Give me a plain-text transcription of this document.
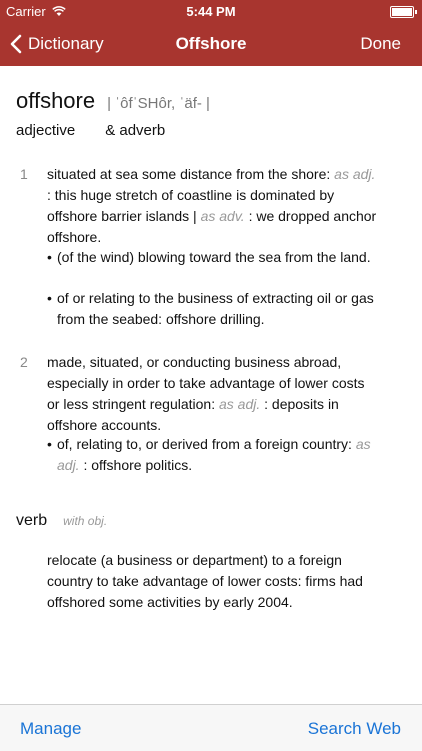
Carrier	5:44 PM
Dictionary	Offshore	Done
offshore | ˈôfˈSHôr, ˈäf- |
adjective & adverb
1 situated at sea some distance from the shore: as adj. : this huge stretch of coastline is dominated by offshore barrier islands | as adv. : we dropped anchor offshore.
• (of the wind) blowing toward the sea from the land.
• of or relating to the business of extracting oil or gas from the seabed: offshore drilling.
2 made, situated, or conducting business abroad, especially in order to take advantage of lower costs or less stringent regulation: as adj. : deposits in offshore accounts.
• of, relating to, or derived from a foreign country: as adj. : offshore politics.
verb with obj.
relocate (a business or department) to a foreign country to take advantage of lower costs: firms had offshored some activities by early 2004.
Manage	Search Web
